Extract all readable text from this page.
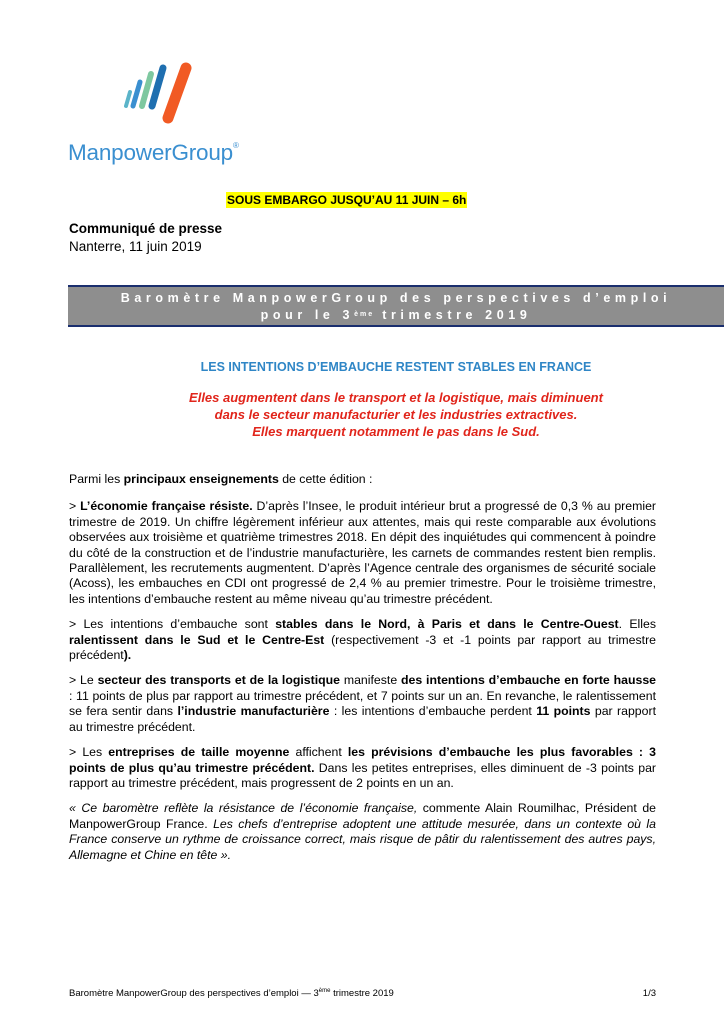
ManpowerGroup®
SOUS EMBARGO JUSQU’AU 11 JUIN – 6h
Communiqué de presse
Nanterre, 11 juin 2019
Baromètre ManpowerGroup des perspectives d’emploi
pour le 3ème trimestre 2019
LES INTENTIONS D’EMBAUCHE RESTENT STABLES EN FRANCE
Elles augmentent dans le transport et la logistique, mais diminuent
dans le secteur manufacturier et les industries extractives.
Elles marquent notamment le pas dans le Sud.

Parmi les principaux enseignements de cette édition :

> L’économie française résiste. D’après l’Insee, le produit intérieur brut a progressé de 0,3 % au premier trimestre de 2019. Un chiffre légèrement inférieur aux attentes, mais qui reste comparable aux évolutions observées aux troisième et quatrième trimestres 2018. En dépit des inquiétudes qui commencent à poindre du côté de la construction et de l’industrie manufacturière, les carnets de commandes restent bien remplis. Parallèlement, les recrutements augmentent. D’après l’Agence centrale des organismes de sécurité sociale (Acoss), les embauches en CDI ont progressé de 2,4 % au premier trimestre. Pour le troisième trimestre, les intentions d’embauche restent au même niveau qu’au trimestre précédent.

> Les intentions d’embauche sont stables dans le Nord, à Paris et dans le Centre-Ouest. Elles ralentissent dans le Sud et le Centre-Est (respectivement -3 et -1 points par rapport au trimestre précédent).

> Le secteur des transports et de la logistique manifeste des intentions d’embauche en forte hausse : 11 points de plus par rapport au trimestre précédent, et 7 points sur un an. En revanche, le ralentissement se fera sentir dans l’industrie manufacturière : les intentions d’embauche perdent 11 points par rapport au trimestre précédent.

> Les entreprises de taille moyenne affichent les prévisions d’embauche les plus favorables : 3 points de plus qu’au trimestre précédent. Dans les petites entreprises, elles diminuent de -3 points par rapport au trimestre précédent, mais progressent de 2 points en un an.

« Ce baromètre reflète la résistance de l’économie française, commente Alain Roumilhac, Président de ManpowerGroup France. Les chefs d’entreprise adoptent une attitude mesurée, dans un contexte où la France conserve un rythme de croissance correct, mais risque de pâtir du ralentissement des autres pays, Allemagne et Chine en tête ».

Baromètre ManpowerGroup des perspectives d’emploi — 3ème trimestre 2019	1/3
